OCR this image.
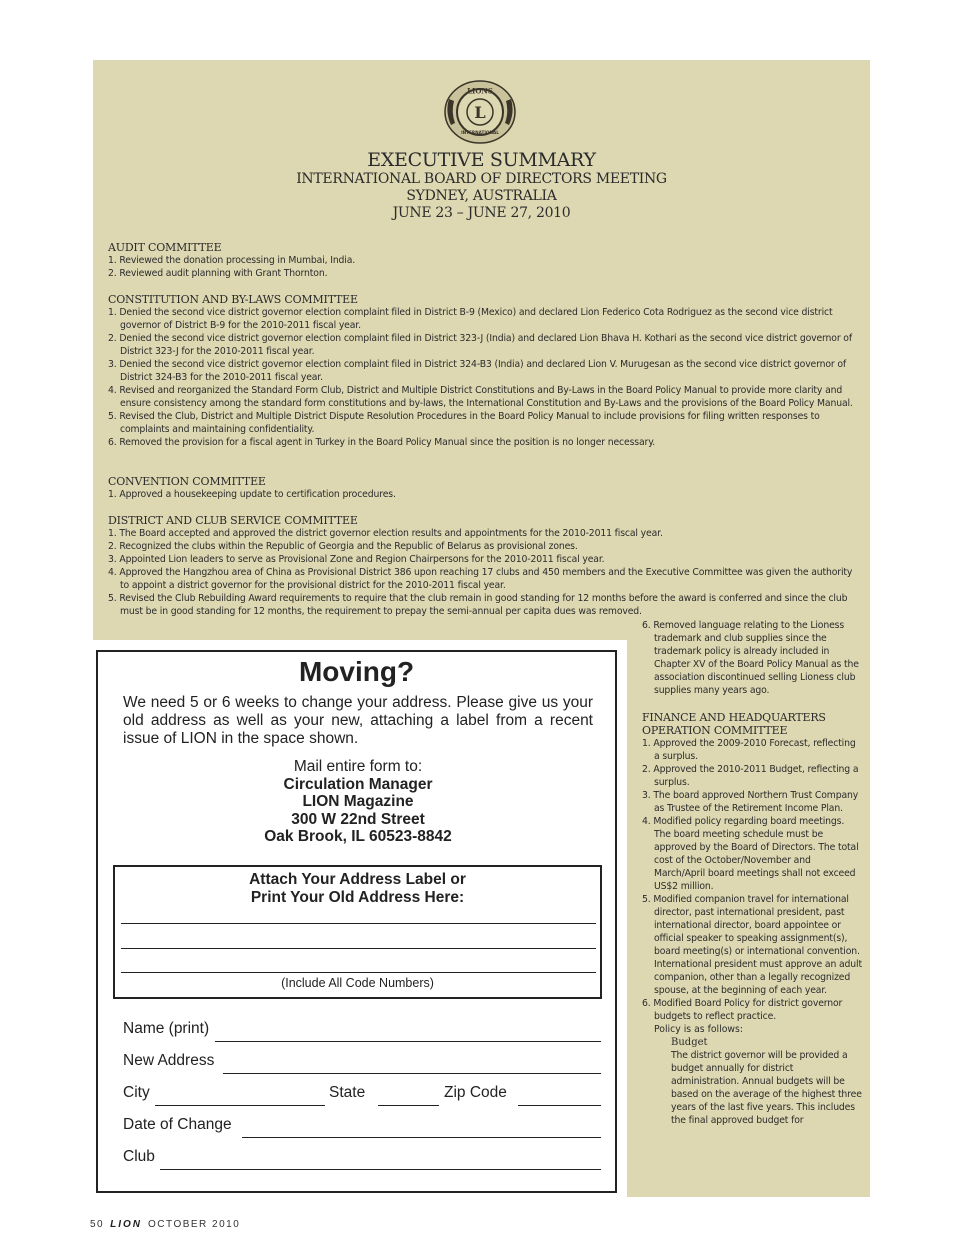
LIONS
L
INTERNATIONAL
EXECUTIVE SUMMARY
INTERNATIONAL BOARD OF DIRECTORS MEETING
SYDNEY, AUSTRALIA
JUNE 23 – JUNE 27, 2010
AUDIT COMMITTEE
1. Reviewed the donation processing in Mumbai, India.
2. Reviewed audit planning with Grant Thornton.
CONSTITUTION AND BY-LAWS COMMITTEE
1. Denied the second vice district governor election complaint filed in District B-9 (Mexico) and declared Lion Federico Cota Rodriguez as the second vice district governor of District B-9 for the 2010-2011 fiscal year.
2. Denied the second vice district governor election complaint filed in District 323-J (India) and declared Lion Bhava H. Kothari as the second vice district governor of District 323-J for the 2010-2011 fiscal year.
3. Denied the second vice district governor election complaint filed in District 324-B3 (India) and declared Lion V. Murugesan as the second vice district governor of District 324-B3 for the 2010-2011 fiscal year.
4. Revised and reorganized the Standard Form Club, District and Multiple District Constitutions and By-Laws in the Board Policy Manual to provide more clarity and ensure consistency among the standard form constitutions and by-laws, the International Constitution and By-Laws and the provisions of the Board Policy Manual.
5. Revised the Club, District and Multiple District Dispute Resolution Procedures in the Board Policy Manual to include provisions for filing written responses to complaints and maintaining confidentiality.
6. Removed the provision for a fiscal agent in Turkey in the Board Policy Manual since the position is no longer necessary.
CONVENTION COMMITTEE
1. Approved a housekeeping update to certification procedures.
DISTRICT AND CLUB SERVICE COMMITTEE
1. The Board accepted and approved the district governor election results and appointments for the 2010-2011 fiscal year.
2. Recognized the clubs within the Republic of Georgia and the Republic of Belarus as provisional zones.
3. Appointed Lion leaders to serve as Provisional Zone and Region Chairpersons for the 2010-2011 fiscal year.
4. Approved the Hangzhou area of China as Provisional District 386 upon reaching 17 clubs and 450 members and the Executive Committee was given the authority to appoint a district governor for the provisional district for the 2010-2011 fiscal year.
5. Revised the Club Rebuilding Award requirements to require that the club remain in good standing for 12 months before the award is conferred and since the club must be in good standing for 12 months, the requirement to prepay the semi-annual per capita dues was removed.
6. Removed language relating to the Lioness trademark and club supplies since the trademark policy is already included in Chapter XV of the Board Policy Manual as the association discontinued selling Lioness club supplies many years ago.
FINANCE AND HEADQUARTERS
OPERATION COMMITTEE
1. Approved the 2009-2010 Forecast, reflecting a surplus.
2. Approved the 2010-2011 Budget, reflecting a surplus.
3. The board approved Northern Trust Company as Trustee of the Retirement Income Plan.
4. Modified policy regarding board meetings. The board meeting schedule must be approved by the Board of Directors. The total cost of the October/November and March/April board meetings shall not exceed US$2 million.
5. Modified companion travel for international director, past international president, past international director, board appointee or official speaker to speaking assignment(s), board meeting(s) or international convention. International president must approve an adult companion, other than a legally recognized spouse, at the beginning of each year.
6. Modified Board Policy for district governor budgets to reflect practice.
Policy is as follows:
Budget
The district governor will be provided a budget annually for district administration. Annual budgets will be based on the average of the highest three years of the last five years. This includes the final approved budget for
Moving?
We need 5 or 6 weeks to change your address. Please give us your old address as well as your new, attaching a label from a recent issue of LION in the space shown.
Mail entire form to:
Circulation Manager
LION Magazine
300 W 22nd Street
Oak Brook, IL 60523-8842
Attach Your Address Label or
Print Your Old Address Here:
(Include All Code Numbers)
Name (print)
New Address
City	State	Zip Code
Date of Change
Club
50 LION OCTOBER 2010
